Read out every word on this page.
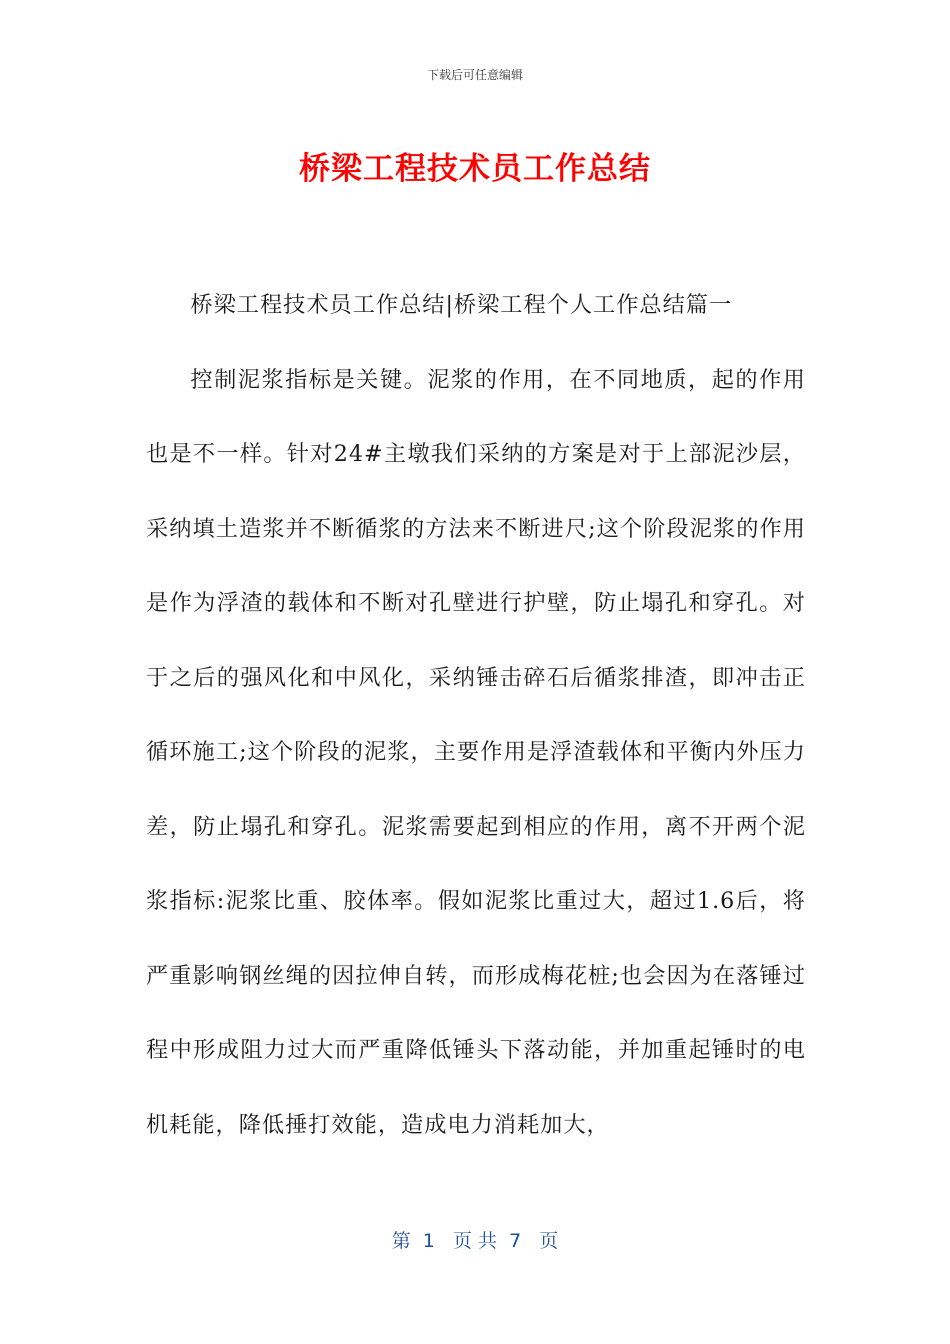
下载后可任意编辑
桥梁工程技术员工作总结

桥梁工程技术员工作总结|桥梁工程个人工作总结篇一

控制泥浆指标是关键。泥浆的作用，在不同地质，起的作用也是不一样。针对24#主墩我们采纳的方案是对于上部泥沙层，采纳填土造浆并不断循浆的方法来不断进尺;这个阶段泥浆的作用是作为浮渣的载体和不断对孔壁进行护壁，防止塌孔和穿孔。对于之后的强风化和中风化，采纳锤击碎石后循浆排渣，即冲击正循环施工;这个阶段的泥浆，主要作用是浮渣载体和平衡内外压力差，防止塌孔和穿孔。泥浆需要起到相应的作用，离不开两个泥浆指标:泥浆比重、胶体率。假如泥浆比重过大，超过1.6后，将严重影响钢丝绳的因拉伸自转，而形成梅花桩;也会因为在落锤过程中形成阻力过大而严重降低锤头下落动能，并加重起锤时的电机耗能，降低捶打效能，造成电力消耗加大，

第  1   页 共  7   页
